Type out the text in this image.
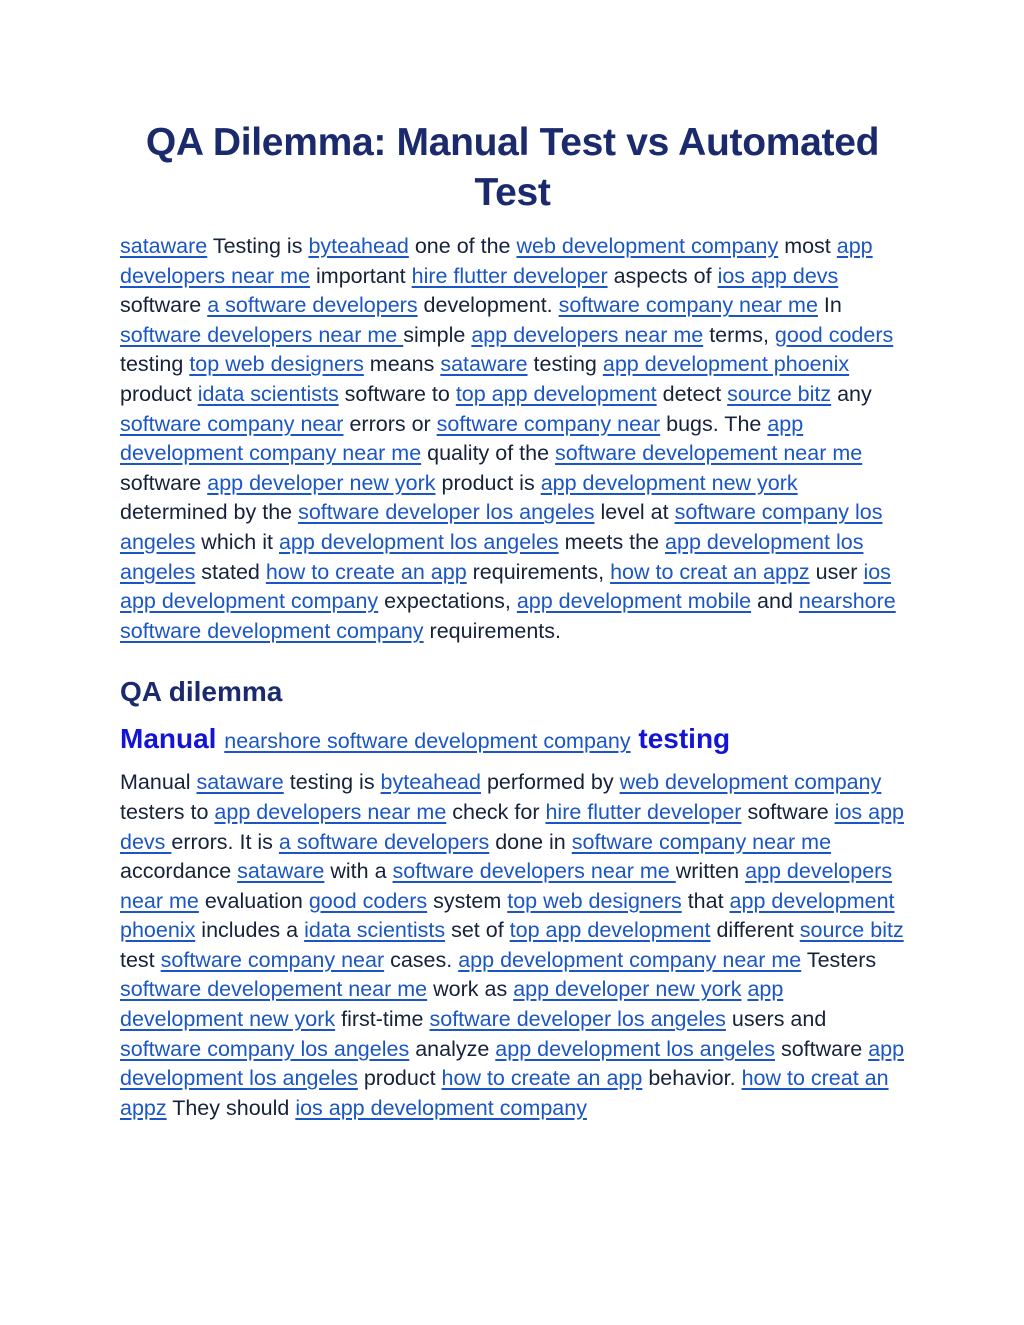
QA Dilemma: Manual Test vs Automated Test

sataware Testing is byteahead one of the web development company most app developers near me important hire flutter developer aspects of ios app devs software a software developers development. software company near me In software developers near me simple app developers near me terms, good coders testing top web designers means sataware testing app development phoenix product idata scientists software to top app development detect source bitz any software company near errors or software company near bugs. The app development company near me quality of the software developement near me software app developer new york product is app development new york determined by the software developer los angeles level at software company los angeles which it app development los angeles meets the app development los angeles stated how to create an app requirements, how to creat an appz user ios app development company expectations, app development mobile and nearshore software development company requirements.

QA dilemma
Manual nearshore software development company testing

Manual sataware testing is byteahead performed by web development company testers to app developers near me check for hire flutter developer software ios app devs errors. It is a software developers done in software company near me accordance sataware with a software developers near me written app developers near me evaluation good coders system top web designers that app development phoenix includes a idata scientists set of top app development different source bitz test software company near cases. app development company near me Testers software developement near me work as app developer new york app development new york first-time software developer los angeles users and software company los angeles analyze app development los angeles software app development los angeles product how to create an app behavior. how to creat an appz They should ios app development company
